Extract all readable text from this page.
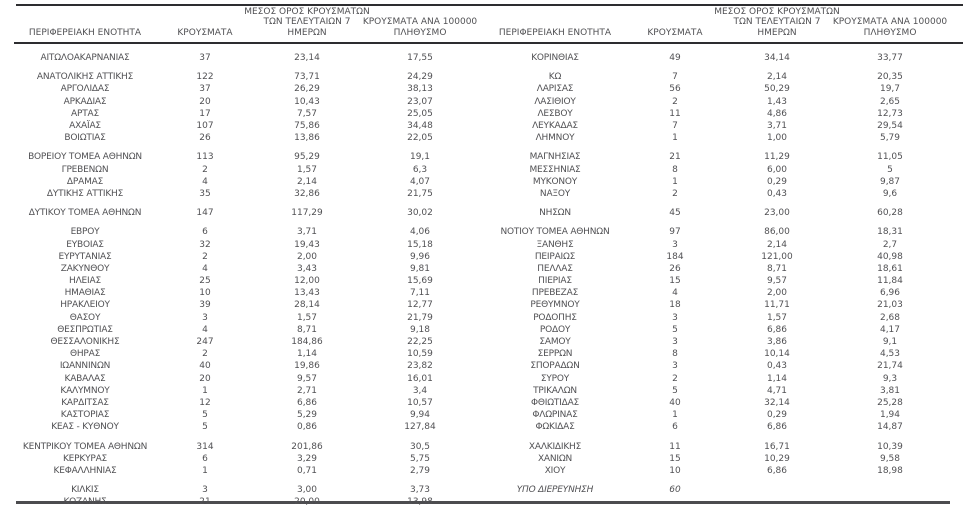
ΠΕΡΙΦΕΡΕΙΑΚΗ ΕΝΟΤΗΤΑ	ΚΡΟΥΣΜΑΤΑ
ΜΕΣΟΣ ΟΡΟΣ ΚΡΟΥΣΜΑΤΩΝ
ΤΩΝ ΤΕΛΕΥΤΑΙΩΝ 7
ΗΜΕΡΩΝ
ΚΡΟΥΣΜΑΤΑ ΑΝΑ 100000
ΠΛΗΘΥΣΜΟ
ΑΙΤΩΛΟΑΚΑΡΝΑΝΙΑΣ	37	23,14	17,55
ΑΝΑΤΟΛΙΚΗΣ ΑΤΤΙΚΗΣ	122	73,71	24,29
ΑΡΓΟΛΙΔΑΣ	37	26,29	38,13
ΑΡΚΑΔΙΑΣ	20	10,43	23,07
ΑΡΤΑΣ	17	7,57	25,05
ΑΧΑΪΑΣ	107	75,86	34,48
ΒΟΙΩΤΙΑΣ	26	13,86	22,05
ΒΟΡΕΙΟΥ ΤΟΜΕΑ ΑΘΗΝΩΝ	113	95,29	19,1
ΓΡΕΒΕΝΩΝ	2	1,57	6,3
ΔΡΑΜΑΣ	4	2,14	4,07
ΔΥΤΙΚΗΣ ΑΤΤΙΚΗΣ	35	32,86	21,75
ΔΥΤΙΚΟΥ ΤΟΜΕΑ ΑΘΗΝΩΝ	147	117,29	30,02
ΕΒΡΟΥ	6	3,71	4,06
ΕΥΒΟΙΑΣ	32	19,43	15,18
ΕΥΡΥΤΑΝΙΑΣ	2	2,00	9,96
ΖΑΚΥΝΘΟΥ	4	3,43	9,81
ΗΛΕΙΑΣ	25	12,00	15,69
ΗΜΑΘΙΑΣ	10	13,43	7,11
ΗΡΑΚΛΕΙΟΥ	39	28,14	12,77
ΘΑΣΟΥ	3	1,57	21,79
ΘΕΣΠΡΩΤΙΑΣ	4	8,71	9,18
ΘΕΣΣΑΛΟΝΙΚΗΣ	247	184,86	22,25
ΘΗΡΑΣ	2	1,14	10,59
ΙΩΑΝΝΙΝΩΝ	40	19,86	23,82
ΚΑΒΑΛΑΣ	20	9,57	16,01
ΚΑΛΥΜΝΟΥ	1	2,71	3,4
ΚΑΡΔΙΤΣΑΣ	12	6,86	10,57
ΚΑΣΤΟΡΙΑΣ	5	5,29	9,94
ΚΕΑΣ - ΚΥΘΝΟΥ	5	0,86	127,84
ΚΕΝΤΡΙΚΟΥ ΤΟΜΕΑ ΑΘΗΝΩΝ	314	201,86	30,5
ΚΕΡΚΥΡΑΣ	6	3,29	5,75
ΚΕΦΑΛΛΗΝΙΑΣ	1	0,71	2,79
ΚΙΛΚΙΣ	3	3,00	3,73
ΚΟΖΑΝΗΣ	21	20,00	13,98
ΠΕΡΙΦΕΡΕΙΑΚΗ ΕΝΟΤΗΤΑ	ΚΡΟΥΣΜΑΤΑ
ΜΕΣΟΣ ΟΡΟΣ ΚΡΟΥΣΜΑΤΩΝ
ΤΩΝ ΤΕΛΕΥΤΑΙΩΝ 7
ΗΜΕΡΩΝ
ΚΡΟΥΣΜΑΤΑ ΑΝΑ 100000
ΠΛΗΘΥΣΜΟ
ΚΟΡΙΝΘΙΑΣ	49	34,14	33,77
ΚΩ	7	2,14	20,35
ΛΑΡΙΣΑΣ	56	50,29	19,7
ΛΑΣΙΘΙΟΥ	2	1,43	2,65
ΛΕΣΒΟΥ	11	4,86	12,73
ΛΕΥΚΑΔΑΣ	7	3,71	29,54
ΛΗΜΝΟΥ	1	1,00	5,79
ΜΑΓΝΗΣΙΑΣ	21	11,29	11,05
ΜΕΣΣΗΝΙΑΣ	8	6,00	5
ΜΥΚΟΝΟΥ	1	0,29	9,87
ΝΑΞΟΥ	2	0,43	9,6
ΝΗΣΩΝ	45	23,00	60,28
ΝΟΤΙΟΥ ΤΟΜΕΑ ΑΘΗΝΩΝ	97	86,00	18,31
ΞΑΝΘΗΣ	3	2,14	2,7
ΠΕΙΡΑΙΩΣ	184	121,00	40,98
ΠΕΛΛΑΣ	26	8,71	18,61
ΠΙΕΡΙΑΣ	15	9,57	11,84
ΠΡΕΒΕΖΑΣ	4	2,00	6,96
ΡΕΘΥΜΝΟΥ	18	11,71	21,03
ΡΟΔΟΠΗΣ	3	1,57	2,68
ΡΟΔΟΥ	5	6,86	4,17
ΣΑΜΟΥ	3	3,86	9,1
ΣΕΡΡΩΝ	8	10,14	4,53
ΣΠΟΡΑΔΩΝ	3	0,43	21,74
ΣΥΡΟΥ	2	1,14	9,3
ΤΡΙΚΑΛΩΝ	5	4,71	3,81
ΦΘΙΩΤΙΔΑΣ	40	32,14	25,28
ΦΛΩΡΙΝΑΣ	1	0,29	1,94
ΦΩΚΙΔΑΣ	6	6,86	14,87
ΧΑΛΚΙΔΙΚΗΣ	11	16,71	10,39
ΧΑΝΙΩΝ	15	10,29	9,58
ΧΙΟΥ	10	6,86	18,98
ΥΠΟ ΔΙΕΡΕΥΝΗΣΗ	60
